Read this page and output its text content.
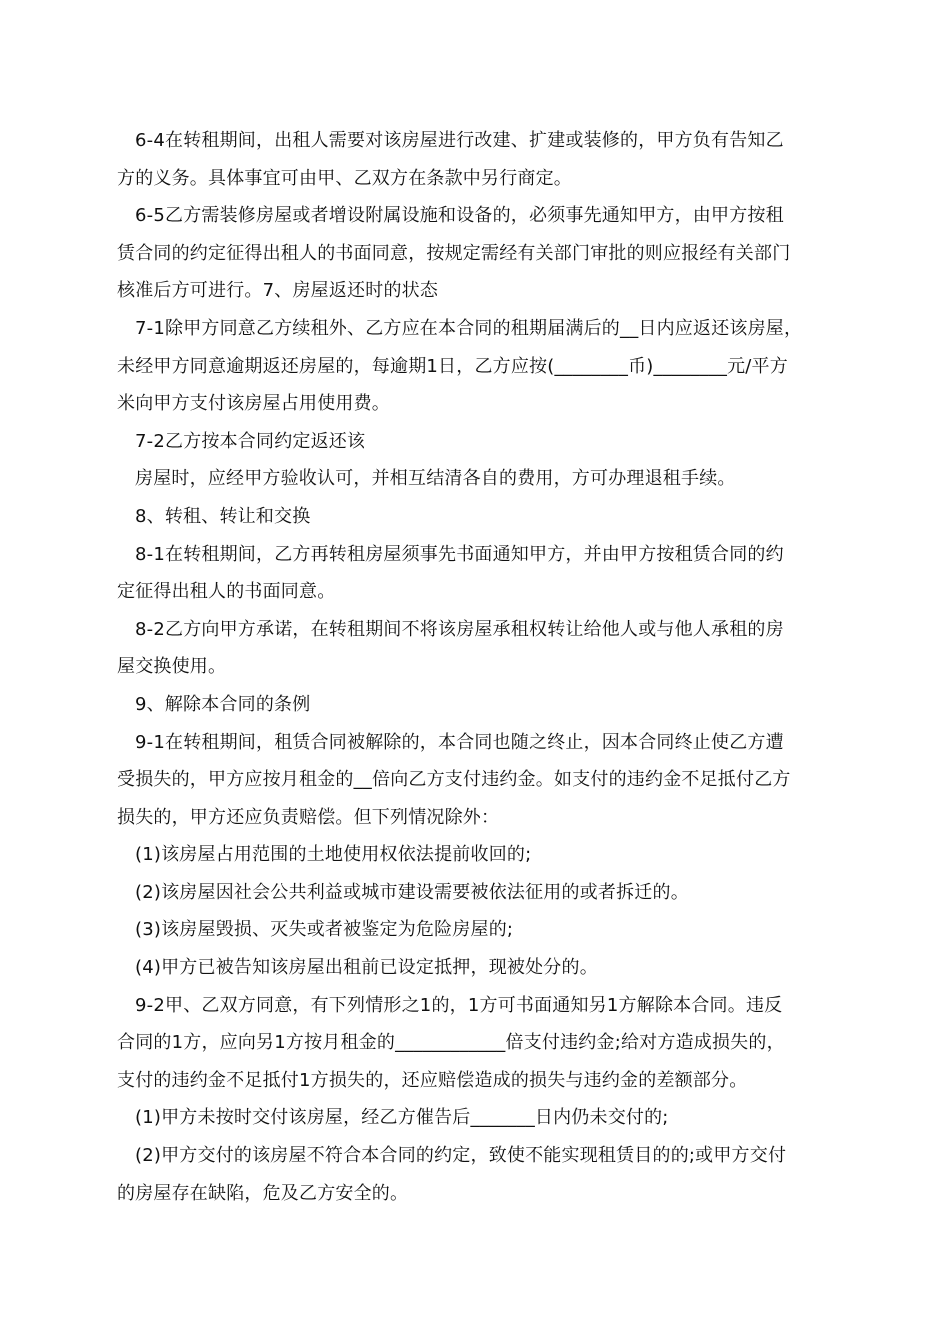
6-4在转租期间，出租人需要对该房屋进行改建、扩建或装修的，甲方负有告知乙
方的义务。具体事宜可由甲、乙双方在条款中另行商定。
6-5乙方需装修房屋或者增设附属设施和设备的，必须事先通知甲方，由甲方按租
赁合同的约定征得出租人的书面同意，按规定需经有关部门审批的则应报经有关部门
核准后方可进行。7、房屋返还时的状态
7-1除甲方同意乙方续租外、乙方应在本合同的租期届满后的__日内应返还该房屋，
未经甲方同意逾期返还房屋的，每逾期1日，乙方应按(________币)________元/平方
米向甲方支付该房屋占用使用费。
7-2乙方按本合同约定返还该
房屋时，应经甲方验收认可，并相互结清各自的费用，方可办理退租手续。
8、转租、转让和交换
8-1在转租期间，乙方再转租房屋须事先书面通知甲方，并由甲方按租赁合同的约
定征得出租人的书面同意。
8-2乙方向甲方承诺，在转租期间不将该房屋承租权转让给他人或与他人承租的房
屋交换使用。
9、解除本合同的条例
9-1在转租期间，租赁合同被解除的，本合同也随之终止，因本合同终止使乙方遭
受损失的，甲方应按月租金的__倍向乙方支付违约金。如支付的违约金不足抵付乙方
损失的，甲方还应负责赔偿。但下列情况除外：
(1)该房屋占用范围的土地使用权依法提前收回的;
(2)该房屋因社会公共利益或城市建设需要被依法征用的或者拆迁的。
(3)该房屋毁损、灭失或者被鉴定为危险房屋的;
(4)甲方已被告知该房屋出租前已设定抵押，现被处分的。
9-2甲、乙双方同意，有下列情形之1的，1方可书面通知另1方解除本合同。违反
合同的1方，应向另1方按月租金的____________倍支付违约金;给对方造成损失的，
支付的违约金不足抵付1方损失的，还应赔偿造成的损失与违约金的差额部分。
(1)甲方未按时交付该房屋，经乙方催告后_______日内仍未交付的;
(2)甲方交付的该房屋不符合本合同的约定，致使不能实现租赁目的的;或甲方交付
的房屋存在缺陷，危及乙方安全的。
